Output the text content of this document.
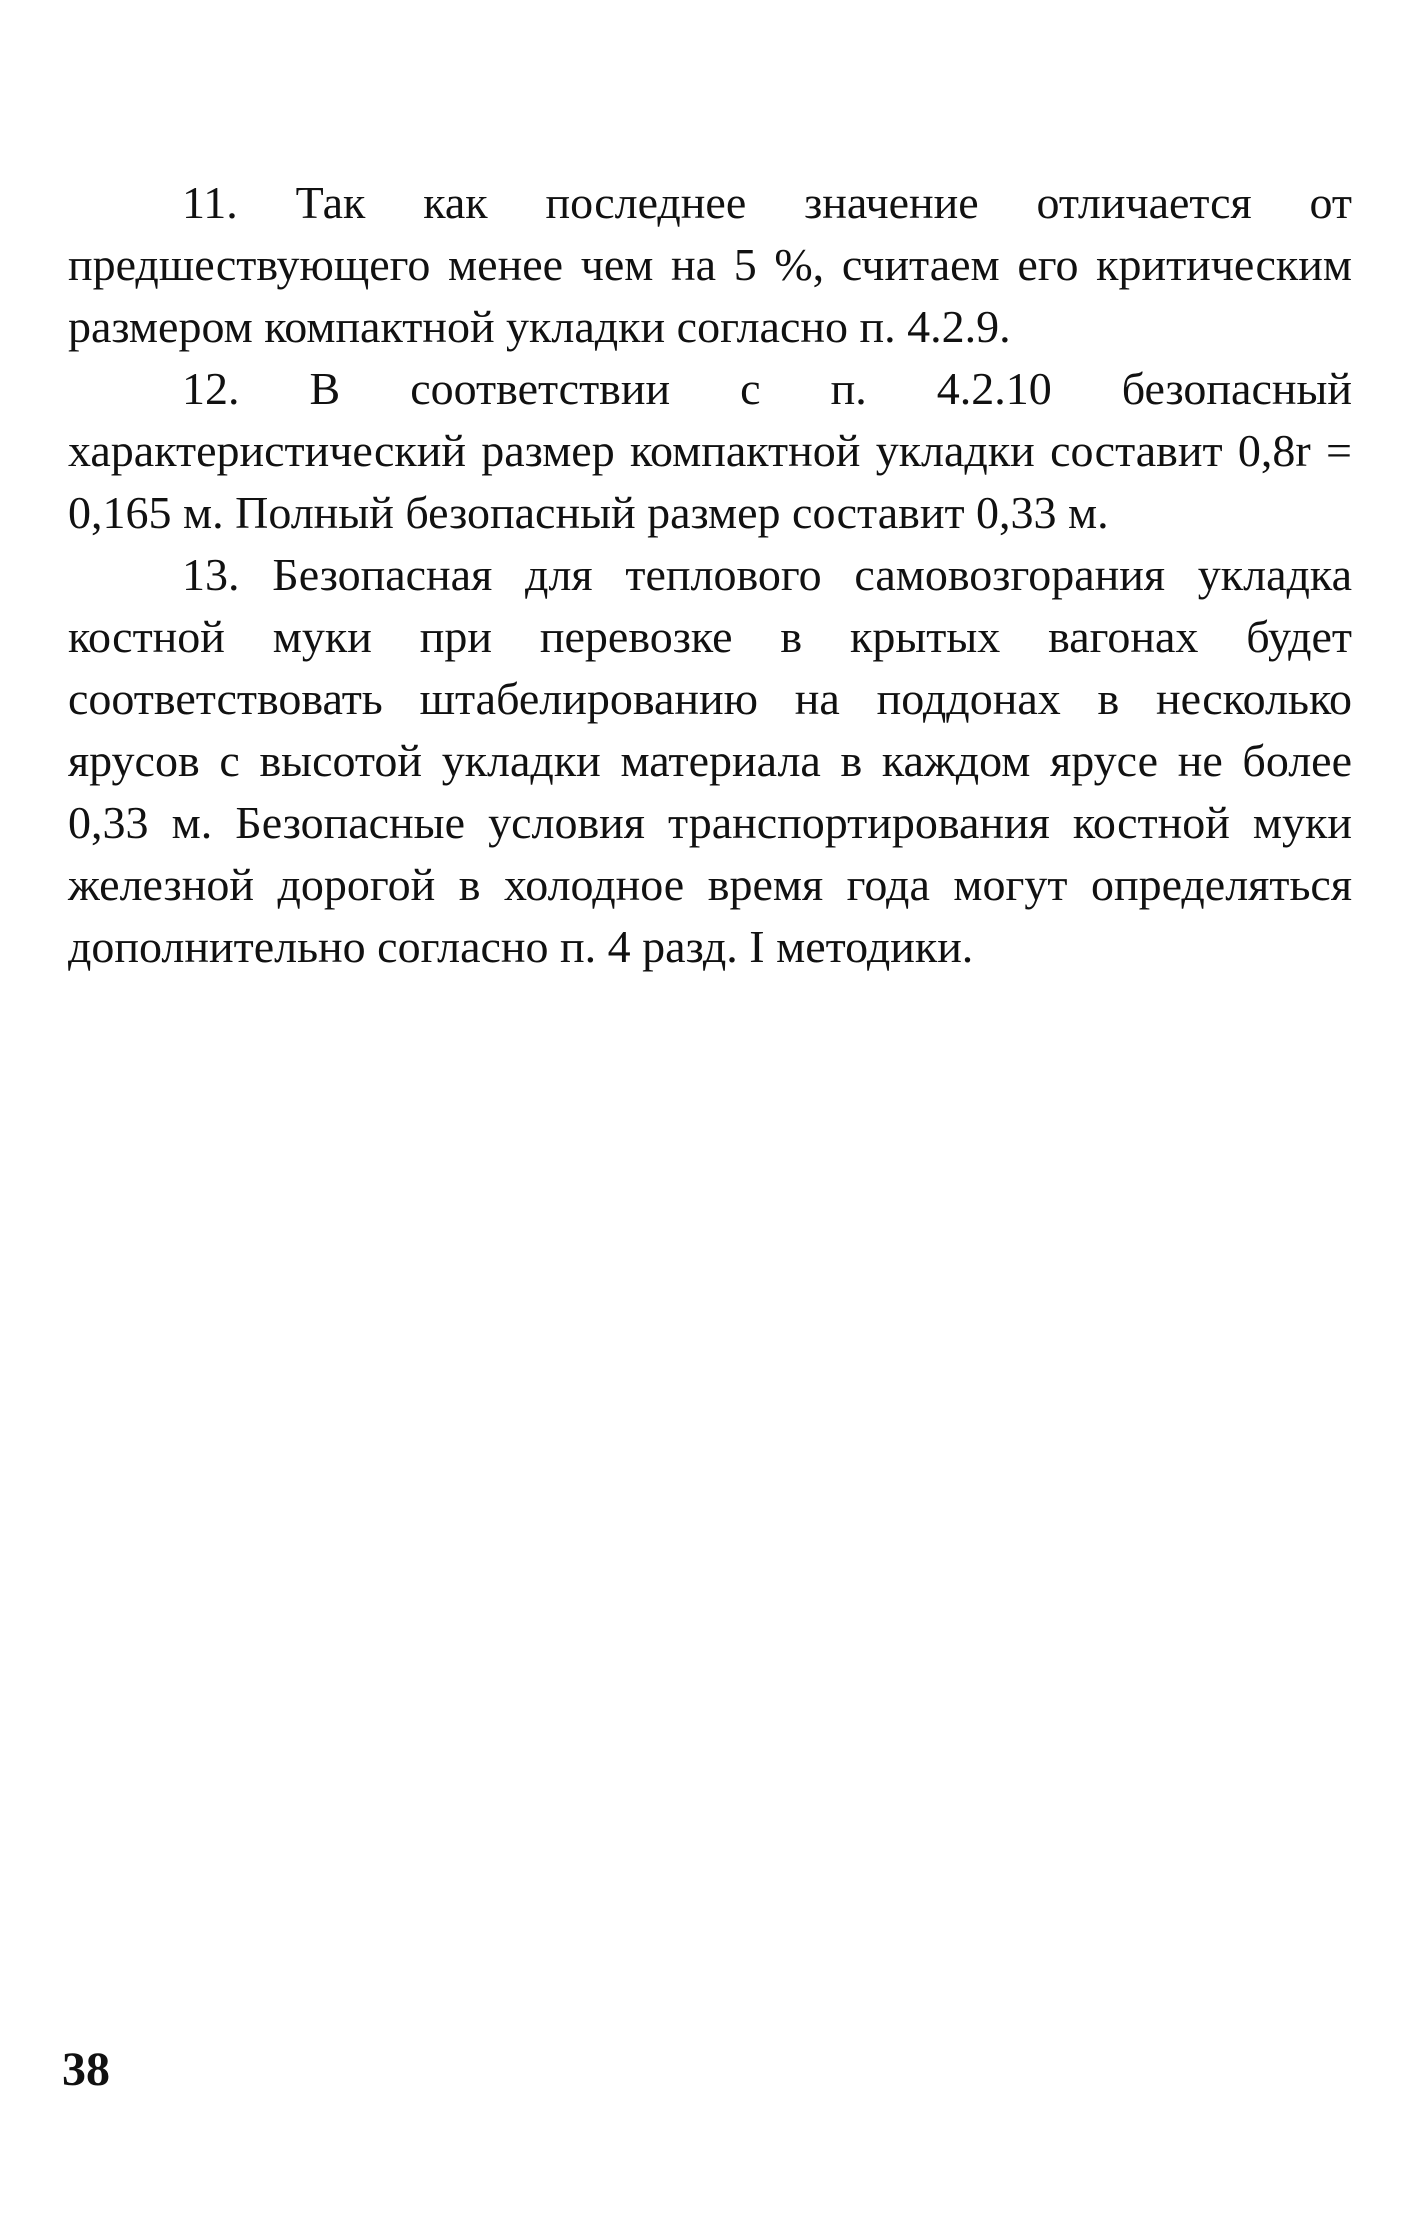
11. Так как последнее значение отличается от предшествующего менее чем на 5 %, считаем его критическим размером компактной укладки согласно п. 4.2.9.

12. В соответствии с п. 4.2.10 безопасный характеристический размер компактной укладки составит 0,8r = 0,165 м. Полный безопасный размер составит 0,33 м.

13. Безопасная для теплового самовозгорания укладка костной муки при перевозке в крытых вагонах будет соответствовать штабелированию на поддонах в несколько ярусов с высотой укладки материала в каждом ярусе не более 0,33 м. Безопасные условия транспортирования костной муки железной дорогой в холодное время года могут определяться дополнительно согласно п. 4 разд. I методики.

38
